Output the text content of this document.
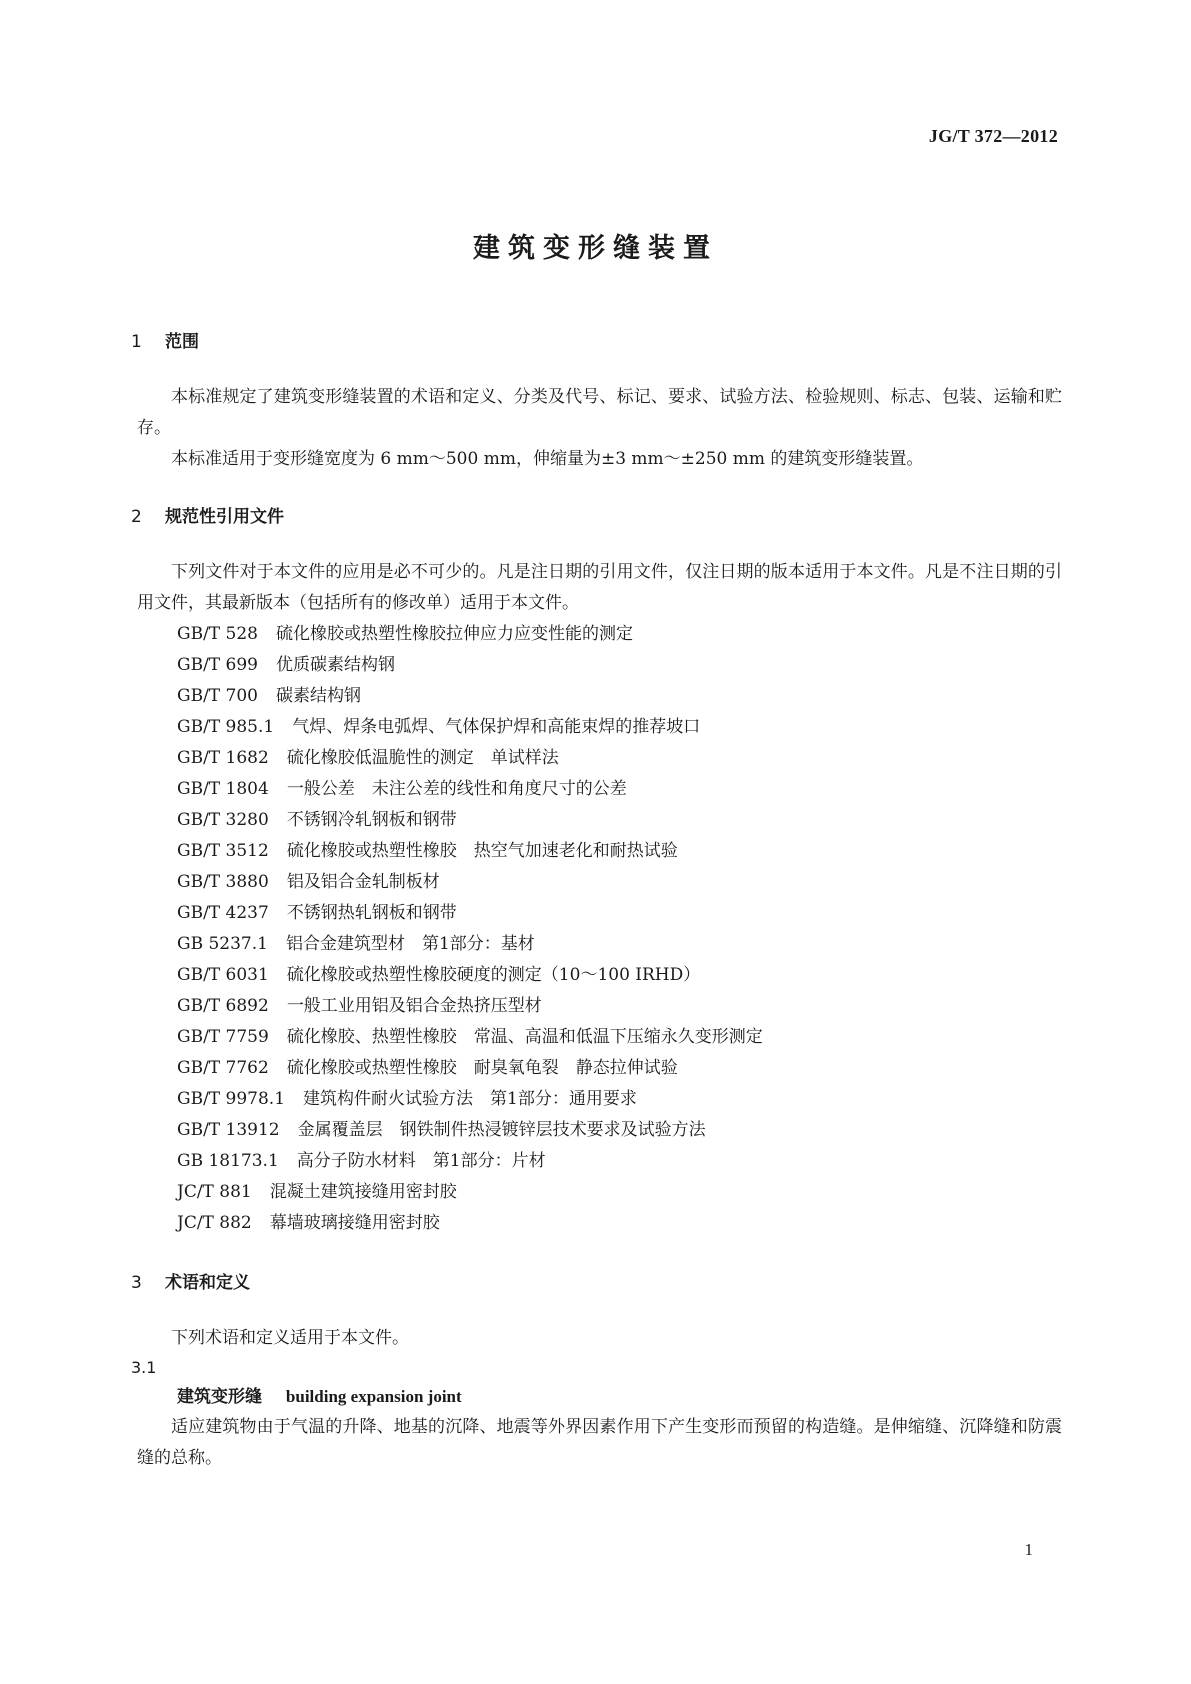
JG/T 372—2012
建筑变形缝装置
1	范围

本标准规定了建筑变形缝装置的术语和定义、分类及代号、标记、要求、试验方法、检验规则、标志、包装、运输和贮存。

本标准适用于变形缝宽度为 6 mm～500 mm，伸缩量为±3 mm～±250 mm 的建筑变形缝装置。

2	规范性引用文件

下列文件对于本文件的应用是必不可少的。凡是注日期的引用文件，仅注日期的版本适用于本文件。凡是不注日期的引用文件，其最新版本（包括所有的修改单）适用于本文件。

GB/T 528 硫化橡胶或热塑性橡胶拉伸应力应变性能的测定
GB/T 699 优质碳素结构钢
GB/T 700 碳素结构钢
GB/T 985.1 气焊、焊条电弧焊、气体保护焊和高能束焊的推荐坡口
GB/T 1682 硫化橡胶低温脆性的测定　单试样法
GB/T 1804 一般公差　未注公差的线性和角度尺寸的公差
GB/T 3280 不锈钢冷轧钢板和钢带
GB/T 3512 硫化橡胶或热塑性橡胶　热空气加速老化和耐热试验
GB/T 3880 铝及铝合金轧制板材
GB/T 4237 不锈钢热轧钢板和钢带
GB 5237.1 铝合金建筑型材　第1部分：基材
GB/T 6031 硫化橡胶或热塑性橡胶硬度的测定（10～100 IRHD）
GB/T 6892 一般工业用铝及铝合金热挤压型材
GB/T 7759 硫化橡胶、热塑性橡胶　常温、高温和低温下压缩永久变形测定
GB/T 7762 硫化橡胶或热塑性橡胶　耐臭氧龟裂　静态拉伸试验
GB/T 9978.1 建筑构件耐火试验方法　第1部分：通用要求
GB/T 13912 金属覆盖层　钢铁制件热浸镀锌层技术要求及试验方法
GB 18173.1 高分子防水材料　第1部分：片材
JC/T 881 混凝土建筑接缝用密封胶
JC/T 882 幕墙玻璃接缝用密封胶
3	术语和定义

下列术语和定义适用于本文件。

3.1
建筑变形缝 building expansion joint

适应建筑物由于气温的升降、地基的沉降、地震等外界因素作用下产生变形而预留的构造缝。是伸缩缝、沉降缝和防震缝的总称。

1
